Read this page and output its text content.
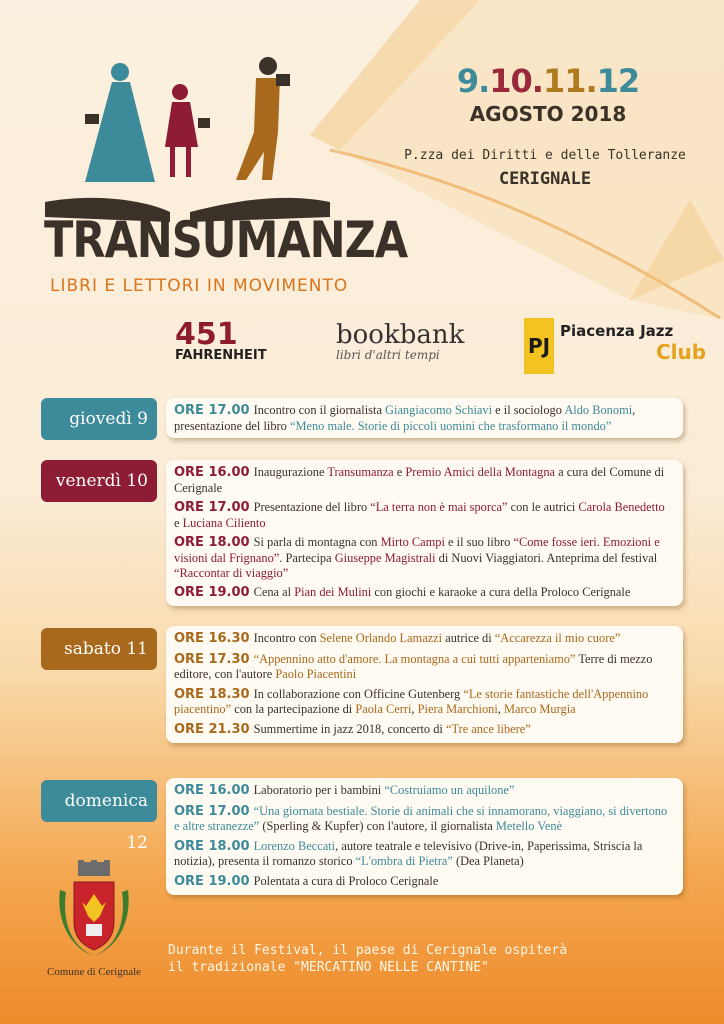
TRANSUMANZA
LIBRI E LETTORI IN MOVIMENTO
9.10.11.12
AGOSTO 2018
P.zza dei Diritti e delle Tolleranze
CERIGNALE
451
FAHRENHEIT
bookbank
libri d'altri tempi	PJ
Piacenza Jazz
Club
giovedì 9	ORE 17.00 Incontro con il giornalista Giangiacomo Schiavi e il sociologo Aldo Bonomi, presentazione del libro “Meno male. Storie di piccoli uomini che trasformano il mondo”
venerdì 10	ORE 16.00 Inaugurazione Transumanza e Premio Amici della Montagna a cura del Comune di Cerignale
ORE 17.00 Presentazione del libro “La terra non è mai sporca” con le autrici Carola Benedetto e Luciana Ciliento
ORE 18.00 Si parla di montagna con Mirto Campi e il suo libro “Come fosse ieri. Emozioni e visioni dal Frignano”. Partecipa Giuseppe Magistrali di Nuovi Viaggiatori. Anteprima del festival “Raccontar di viaggio”
ORE 19.00 Cena al Pian dei Mulini con giochi e karaoke a cura della Proloco Cerignale
sabato 11
ORE 16.30 Incontro con Selene Orlando Lamazzi autrice di “Accarezza il mio cuore”
ORE 17.30 “Appennino atto d'amore. La montagna a cui tutti apparteniamo” Terre di mezzo editore, con l'autore Paolo Piacentini
ORE 18.30 In collaborazione con Officine Gutenberg “Le storie fantastiche dell'Appennino piacentino” con la partecipazione di Paola Cerri, Piera Marchioni, Marco Murgia
ORE 21.30 Summertime in jazz 2018, concerto di “Tre ance libere”
domenica 12
ORE 16.00 Laboratorio per i bambini “Costruiamo un aquilone”
ORE 17.00 “Una giornata bestiale. Storie di animali che si innamorano, viaggiano, si divertono e altre stranezze” (Sperling & Kupfer) con l'autore, il giornalista Metello Venè
ORE 18.00 Lorenzo Beccati, autore teatrale e televisivo (Drive-in, Paperissima, Striscia la notizia), presenta il romanzo storico “L'ombra di Pietra” (Dea Planeta)
ORE 19.00 Polentata a cura di Proloco Cerignale
Comune di Cerignale
Durante il Festival, il paese di Cerignale ospiterà
il tradizionale "MERCATINO NELLE CANTINE"
